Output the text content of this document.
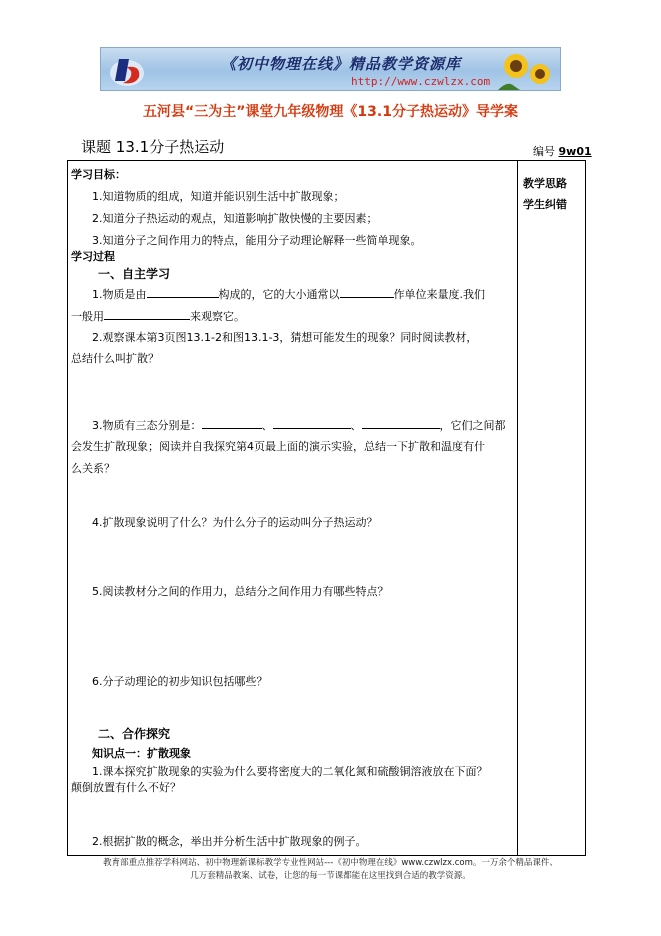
《初中物理在线》精品教学资源库
http://www.czwlzx.com
五河县“三为主”课堂九年级物理《13.1分子热运动》导学案
课题 13.1分子热运动	编号 9w01
教学思路
学生纠错
学习目标：
1.知道物质的组成，知道并能识别生活中扩散现象；
2.知道分子热运动的观点，知道影响扩散快慢的主要因素；
3.知道分子之间作用力的特点，能用分子动理论解释一些简单现象。
学习过程
一、自主学习
1.物质是由	构成的，它的大小通常以	作单位来量度.我们
一般用	来观察它。
2.观察课本第3页图13.1-2和图13.1-3，猜想可能发生的现象？同时阅读教材，
总结什么叫扩散？
3.物质有三态分别是：	、	、	，它们之间都
会发生扩散现象；阅读并自我探究第4页最上面的演示实验，总结一下扩散和温度有什
么关系？
4.扩散现象说明了什么？为什么分子的运动叫分子热运动？
5.阅读教材分之间的作用力，总结分之间作用力有哪些特点？
6.分子动理论的初步知识包括哪些？
二、合作探究
知识点一：扩散现象
1.课本探究扩散现象的实验为什么要将密度大的二氧化氮和硫酸铜溶液放在下面？
颠倒放置有什么不好？
2.根据扩散的概念，举出并分析生活中扩散现象的例子。
教育部重点推荐学科网站、初中物理新课标教学专业性网站---《初中物理在线》www.czwlzx.com。一万余个精品课件、
几万套精品教案、试卷，让您的每一节课都能在这里找到合适的教学资源。
